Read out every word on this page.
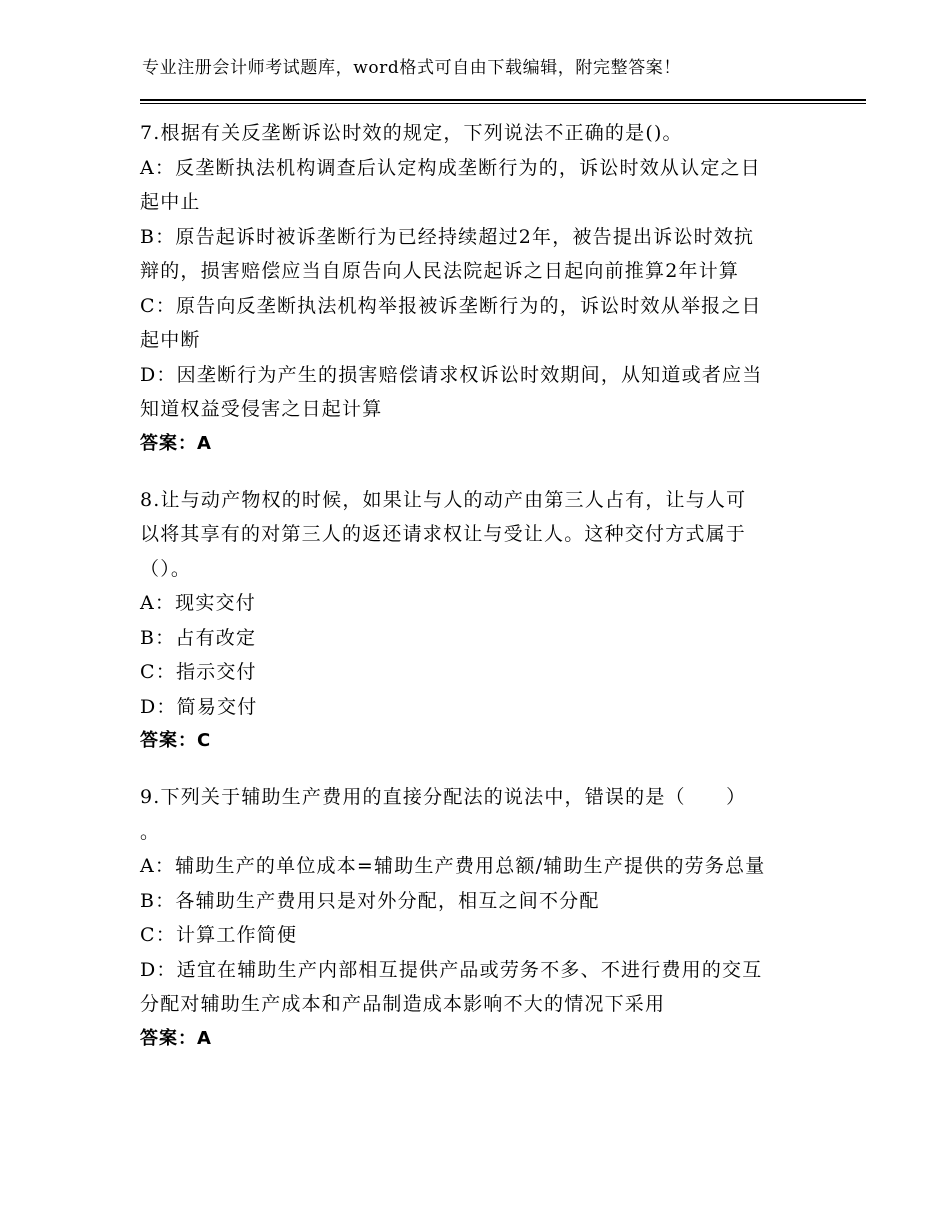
专业注册会计师考试题库，word格式可自由下载编辑，附完整答案！

7.根据有关反垄断诉讼时效的规定，下列说法不正确的是()。

A：反垄断执法机构调查后认定构成垄断行为的，诉讼时效从认定之日

起中止

B：原告起诉时被诉垄断行为已经持续超过2年，被告提出诉讼时效抗

辩的，损害赔偿应当自原告向人民法院起诉之日起向前推算2年计算

C：原告向反垄断执法机构举报被诉垄断行为的，诉讼时效从举报之日

起中断

D：因垄断行为产生的损害赔偿请求权诉讼时效期间，从知道或者应当

知道权益受侵害之日起计算

答案：A

8.让与动产物权的时候，如果让与人的动产由第三人占有，让与人可

以将其享有的对第三人的返还请求权让与受让人。这种交付方式属于

（）。

A：现实交付

B：占有改定

C：指示交付

D：简易交付

答案：C

9.下列关于辅助生产费用的直接分配法的说法中，错误的是（　　）

。

A：辅助生产的单位成本=辅助生产费用总额/辅助生产提供的劳务总量

B：各辅助生产费用只是对外分配，相互之间不分配

C：计算工作简便

D：适宜在辅助生产内部相互提供产品或劳务不多、不进行费用的交互

分配对辅助生产成本和产品制造成本影响不大的情况下采用

答案：A
